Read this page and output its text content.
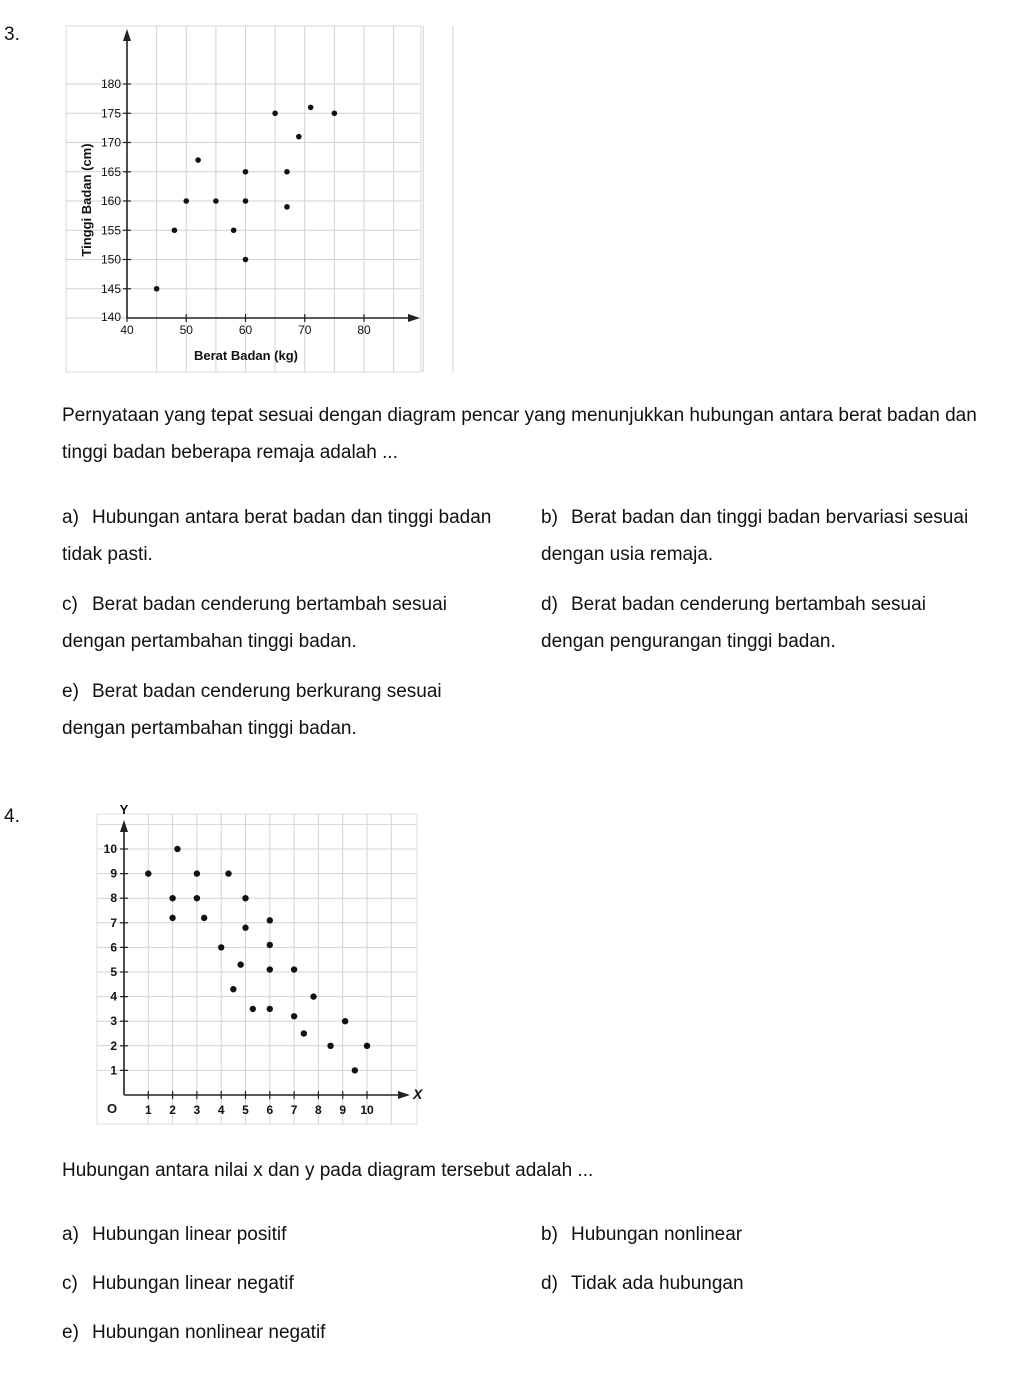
3.
145
150
155
160
165
170
175
180
140
40	50	60	70	80
Berat Badan (kg)
Tinggi Badan (cm)
Pernyataan yang tepat sesuai dengan diagram pencar yang menunjukkan hubungan antara berat badan dan tinggi badan beberapa remaja adalah ...
a) Hubungan antara berat badan dan tinggi badan tidak pasti.
b) Berat badan dan tinggi badan bervariasi sesuai dengan usia remaja.
c) Berat badan cenderung bertambah sesuai dengan pertambahan tinggi badan.
d) Berat badan cenderung bertambah sesuai dengan pengurangan tinggi badan.
e) Berat badan cenderung berkurang sesuai dengan pertambahan tinggi badan.
4.
1
2
3
4
5
6
7
8
9
10
1 2 3 4 5 6 7 8 9 10
O
X
Y
Hubungan antara nilai x dan y pada diagram tersebut adalah ...
a) Hubungan linear positif	b) Hubungan nonlinear
c) Hubungan linear negatif	d) Tidak ada hubungan
e) Hubungan nonlinear negatif
